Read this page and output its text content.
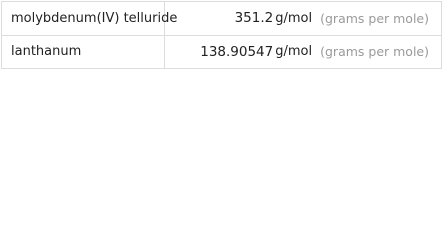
molybdenum(IV) telluride	351.2 g/mol (grams per mole)
lanthanum	138.90547 g/mol (grams per mole)
